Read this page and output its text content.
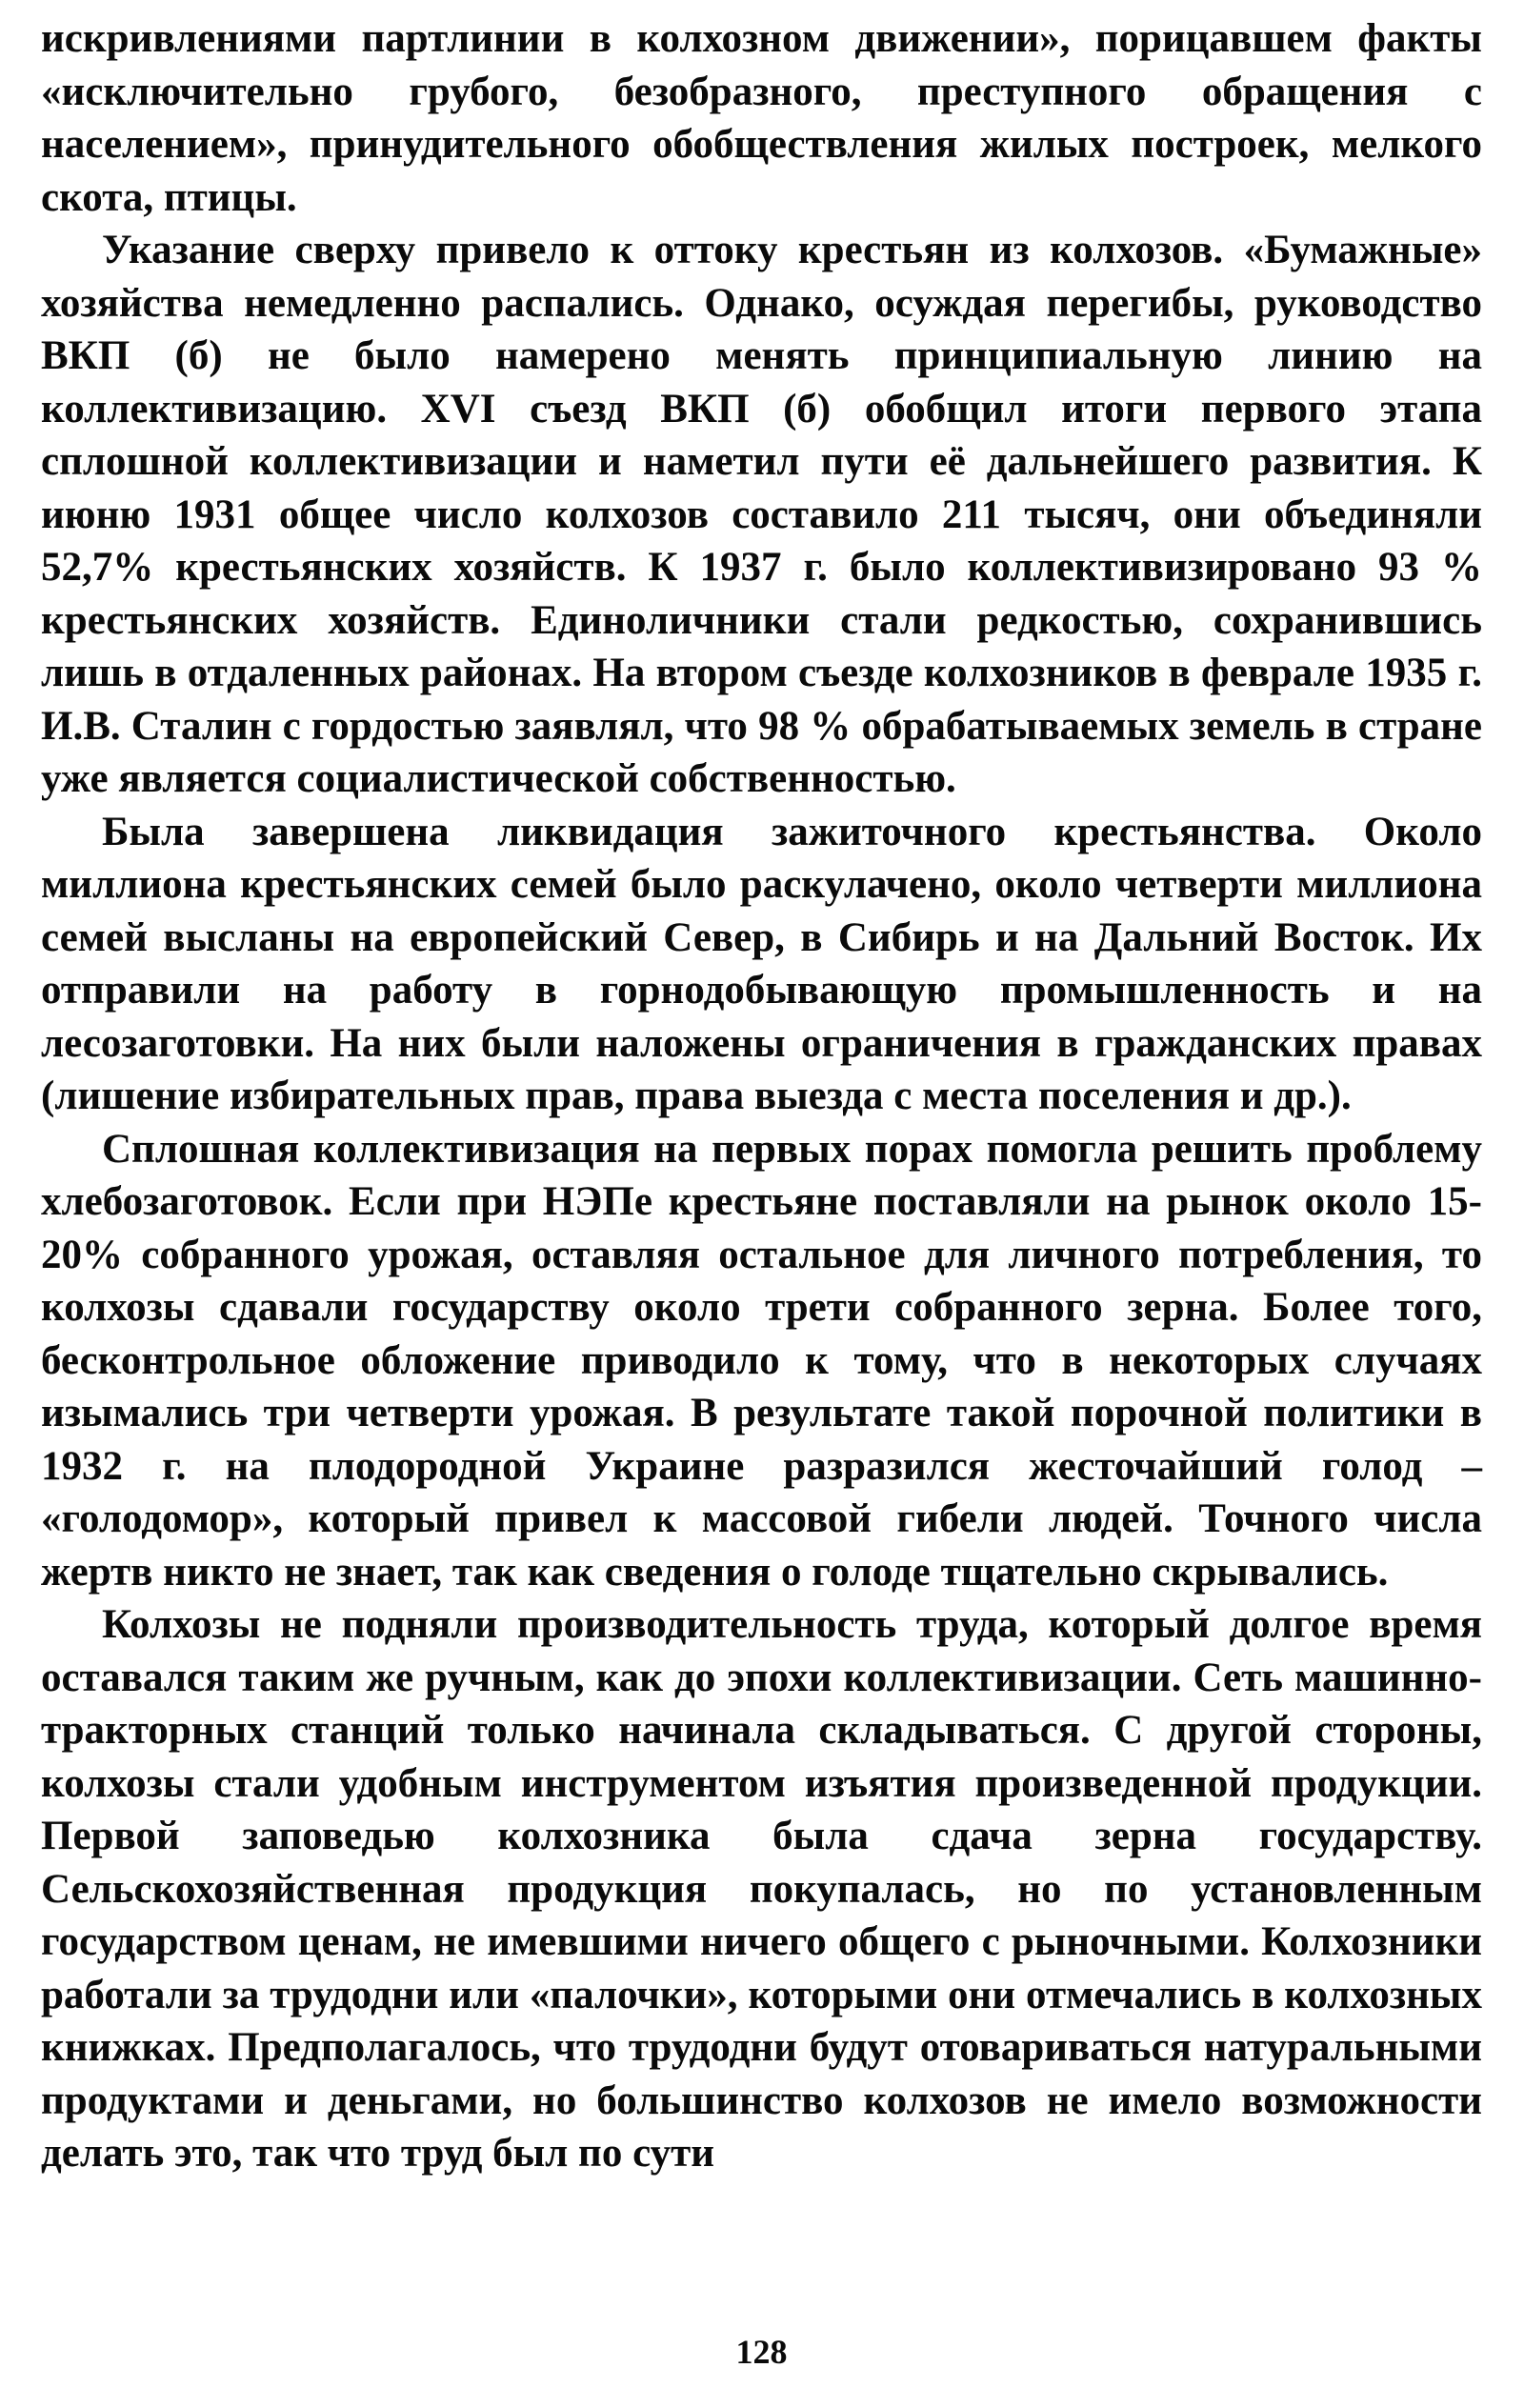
искривлениями партлинии в колхозном движении», порицавшем факты «исключительно грубого, безобразного, преступного обращения с населением», принудительного обобществления жилых построек, мелкого скота, птицы.

Указание сверху привело к оттоку крестьян из колхозов. «Бумажные» хозяйства немедленно распались. Однако, осуждая перегибы, руководство ВКП (б) не было намерено менять принципиальную линию на коллективизацию. XVI съезд ВКП (б) обобщил итоги первого этапа сплошной коллективизации и наметил пути её дальнейшего развития. К июню 1931 общее число колхозов составило 211 тысяч, они объединяли 52,7% крестьянских хозяйств. К 1937 г. было коллективизировано 93 % крестьянских хозяйств. Единоличники стали редкостью, сохранившись лишь в отдаленных районах. На втором съезде колхозников в феврале 1935 г. И.В. Сталин с гордостью заявлял, что 98 % обрабатываемых земель в стране уже является социалистической собственностью.

Была завершена ликвидация зажиточного крестьянства. Около миллиона крестьянских семей было раскулачено, около четверти миллиона семей высланы на европейский Север, в Сибирь и на Дальний Восток. Их отправили на работу в горнодобывающую промышленность и на лесозаготовки. На них были наложены ограничения в гражданских правах (лишение избирательных прав, права выезда с места поселения и др.).

Сплошная коллективизация на первых порах помогла решить проблему хлебозаготовок. Если при НЭПе крестьяне поставляли на рынок около 15-20% собранного урожая, оставляя остальное для личного потребления, то колхозы сдавали государству около трети собранного зерна. Более того, бесконтрольное обложение приводило к тому, что в некоторых случаях изымались три четверти урожая. В результате такой порочной политики в 1932 г. на плодородной Украине разразился жесточайший голод – «голодомор», который привел к массовой гибели людей. Точного числа жертв никто не знает, так как сведения о голоде тщательно скрывались.

Колхозы не подняли производительность труда, который долгое время оставался таким же ручным, как до эпохи коллективизации. Сеть машинно-тракторных станций только начинала складываться. С другой стороны, колхозы стали удобным инструментом изъятия произведенной продукции. Первой заповедью колхозника была сдача зерна государству. Сельскохозяйственная продукция покупалась, но по установленным государством ценам, не имевшими ничего общего с рыночными. Колхозники работали за трудодни или «палочки», которыми они отмечались в колхозных книжках. Предполагалось, что трудодни будут отовариваться натуральными продуктами и деньгами, но большинство колхозов не имело возможности делать это, так что труд был по сути

128
